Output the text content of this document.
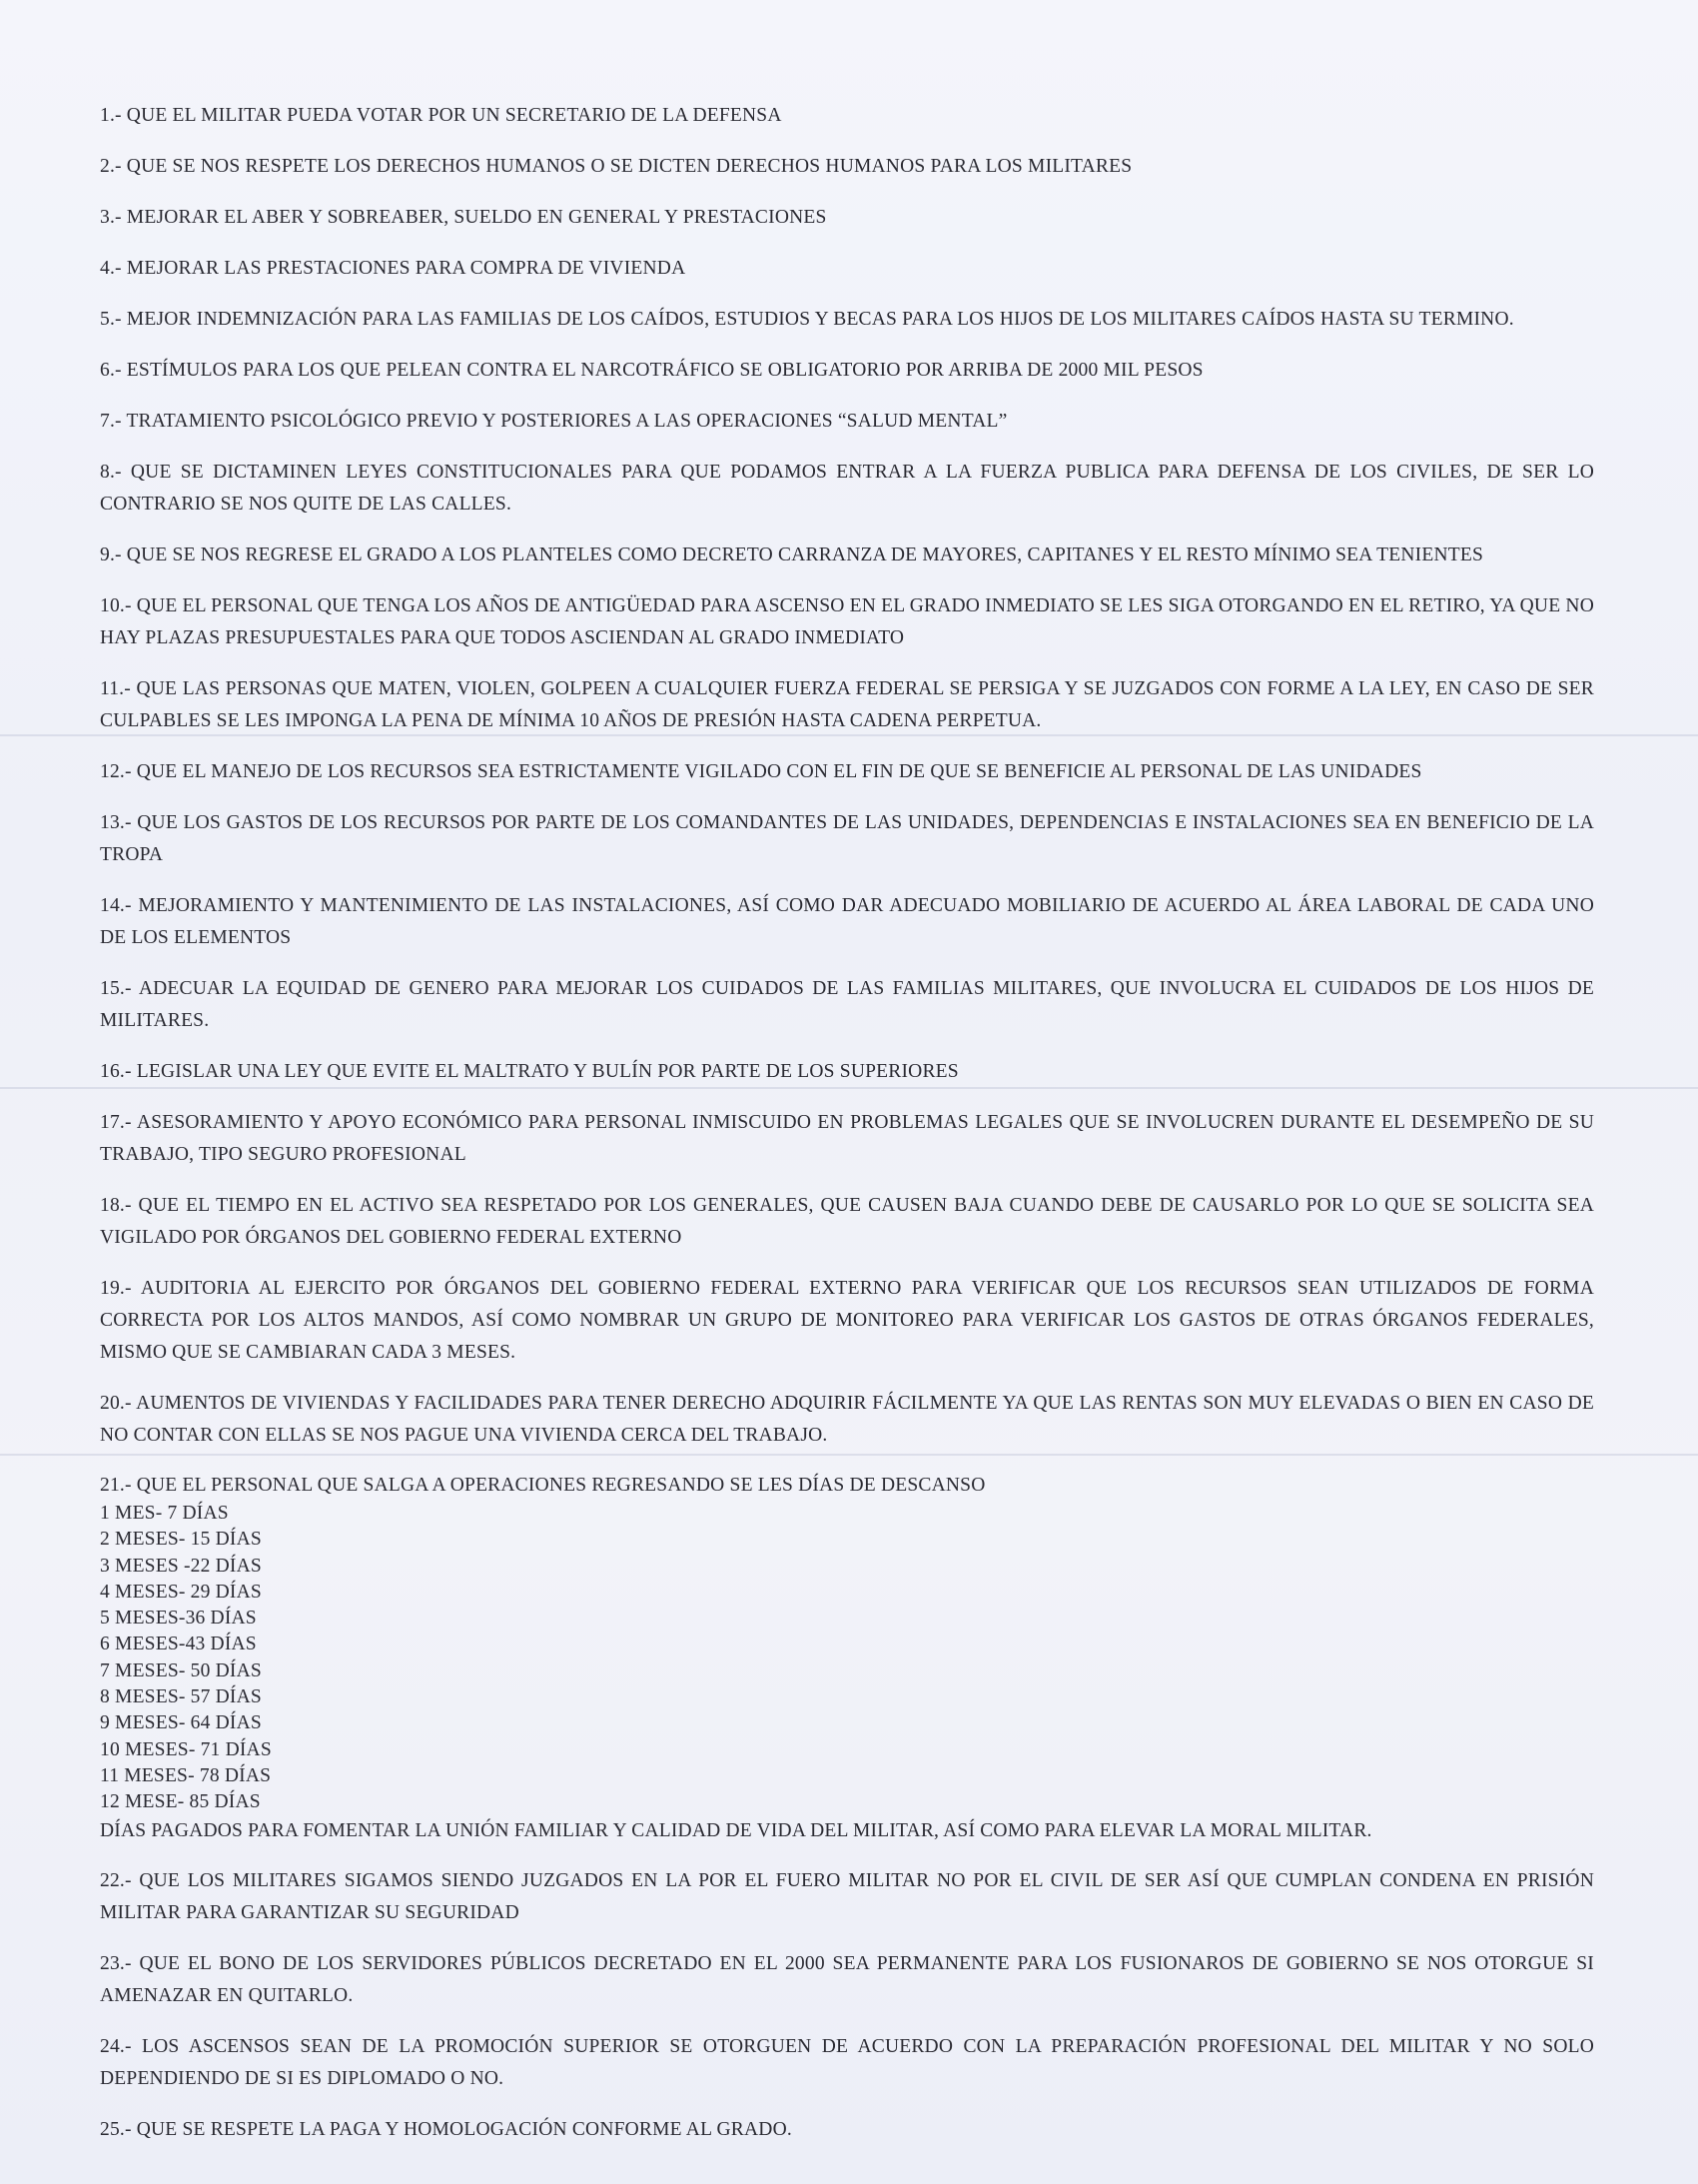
1.- QUE EL MILITAR PUEDA VOTAR POR UN SECRETARIO DE LA DEFENSA

2.- QUE SE NOS RESPETE LOS DERECHOS HUMANOS O SE DICTEN DERECHOS HUMANOS PARA LOS MILITARES

3.- MEJORAR EL ABER Y SOBREABER, SUELDO EN GENERAL Y PRESTACIONES

4.- MEJORAR LAS PRESTACIONES PARA COMPRA DE VIVIENDA

5.- MEJOR INDEMNIZACIÓN PARA LAS FAMILIAS DE LOS CAÍDOS, ESTUDIOS Y BECAS PARA LOS HIJOS DE LOS MILITARES CAÍDOS HASTA SU TERMINO.

6.- ESTÍMULOS PARA LOS QUE PELEAN CONTRA EL NARCOTRÁFICO SE OBLIGATORIO POR ARRIBA DE 2000 MIL PESOS

7.- TRATAMIENTO PSICOLÓGICO PREVIO Y POSTERIORES A LAS OPERACIONES “SALUD MENTAL”

8.- QUE SE DICTAMINEN LEYES CONSTITUCIONALES PARA QUE PODAMOS ENTRAR A LA FUERZA PUBLICA PARA DEFENSA DE LOS CIVILES, DE SER LO CONTRARIO SE NOS QUITE DE LAS CALLES.

9.- QUE SE NOS REGRESE EL GRADO A LOS PLANTELES COMO DECRETO CARRANZA DE MAYORES, CAPITANES Y EL RESTO MÍNIMO SEA TENIENTES

10.- QUE EL PERSONAL QUE TENGA LOS AÑOS DE ANTIGÜEDAD PARA ASCENSO EN EL GRADO INMEDIATO SE LES SIGA OTORGANDO EN EL RETIRO, YA QUE NO HAY PLAZAS PRESUPUESTALES PARA QUE TODOS ASCIENDAN AL GRADO INMEDIATO

11.- QUE LAS PERSONAS QUE MATEN, VIOLEN, GOLPEEN A CUALQUIER FUERZA FEDERAL SE PERSIGA Y SE JUZGADOS CON FORME A LA LEY, EN CASO DE SER CULPABLES SE LES IMPONGA LA PENA DE MÍNIMA 10 AÑOS DE PRESIÓN HASTA CADENA PERPETUA.

12.- QUE EL MANEJO DE LOS RECURSOS SEA ESTRICTAMENTE VIGILADO CON EL FIN DE QUE SE BENEFICIE AL PERSONAL DE LAS UNIDADES

13.- QUE LOS GASTOS DE LOS RECURSOS POR PARTE DE LOS COMANDANTES DE LAS UNIDADES, DEPENDENCIAS E INSTALACIONES SEA EN BENEFICIO DE LA TROPA

14.- MEJORAMIENTO Y MANTENIMIENTO DE LAS INSTALACIONES, ASÍ COMO DAR ADECUADO MOBILIARIO DE ACUERDO AL ÁREA LABORAL DE CADA UNO DE LOS ELEMENTOS

15.- ADECUAR LA EQUIDAD DE GENERO PARA MEJORAR LOS CUIDADOS DE LAS FAMILIAS MILITARES, QUE INVOLUCRA EL CUIDADOS DE LOS HIJOS DE MILITARES.

16.- LEGISLAR UNA LEY QUE EVITE EL MALTRATO Y BULÍN POR PARTE DE LOS SUPERIORES

17.- ASESORAMIENTO Y APOYO ECONÓMICO PARA PERSONAL INMISCUIDO EN PROBLEMAS LEGALES QUE SE INVOLUCREN DURANTE EL DESEMPEÑO DE SU TRABAJO, TIPO SEGURO PROFESIONAL

18.- QUE EL TIEMPO EN EL ACTIVO SEA RESPETADO POR LOS GENERALES, QUE CAUSEN BAJA CUANDO DEBE DE CAUSARLO POR LO QUE SE SOLICITA SEA VIGILADO POR ÓRGANOS DEL GOBIERNO FEDERAL EXTERNO

19.- AUDITORIA AL EJERCITO POR ÓRGANOS DEL GOBIERNO FEDERAL EXTERNO PARA VERIFICAR QUE LOS RECURSOS SEAN UTILIZADOS DE FORMA CORRECTA POR LOS ALTOS MANDOS, ASÍ COMO NOMBRAR UN GRUPO DE MONITOREO PARA VERIFICAR LOS GASTOS DE OTRAS ÓRGANOS FEDERALES, MISMO QUE SE CAMBIARAN CADA 3 MESES.

20.- AUMENTOS DE VIVIENDAS Y FACILIDADES PARA TENER DERECHO ADQUIRIR FÁCILMENTE YA QUE LAS RENTAS SON MUY ELEVADAS O BIEN EN CASO DE NO CONTAR CON ELLAS SE NOS PAGUE UNA VIVIENDA CERCA DEL TRABAJO.

21.- QUE EL PERSONAL QUE SALGA A OPERACIONES REGRESANDO SE LES DÍAS DE DESCANSO
1 MES- 7 DÍAS
2 MESES- 15 DÍAS
3 MESES -22 DÍAS
4 MESES- 29 DÍAS
5 MESES-36 DÍAS
6 MESES-43 DÍAS
7 MESES- 50 DÍAS
8 MESES- 57 DÍAS
9 MESES- 64 DÍAS
10 MESES- 71 DÍAS
11 MESES- 78 DÍAS
12 MESE- 85 DÍAS
DÍAS PAGADOS PARA FOMENTAR LA UNIÓN FAMILIAR Y CALIDAD DE VIDA DEL MILITAR, ASÍ COMO PARA ELEVAR LA MORAL MILITAR.

22.- QUE LOS MILITARES SIGAMOS SIENDO JUZGADOS EN LA POR EL FUERO MILITAR NO POR EL CIVIL DE SER ASÍ QUE CUMPLAN CONDENA EN PRISIÓN MILITAR PARA GARANTIZAR SU SEGURIDAD

23.- QUE EL BONO DE LOS SERVIDORES PÚBLICOS DECRETADO EN EL 2000 SEA PERMANENTE PARA LOS FUSIONAROS DE GOBIERNO SE NOS OTORGUE SI AMENAZAR EN QUITARLO.

24.- LOS ASCENSOS SEAN DE LA PROMOCIÓN SUPERIOR SE OTORGUEN DE ACUERDO CON LA PREPARACIÓN PROFESIONAL DEL MILITAR Y NO SOLO DEPENDIENDO DE SI ES DIPLOMADO O NO.

25.- QUE SE RESPETE LA PAGA Y HOMOLOGACIÓN CONFORME AL GRADO.
